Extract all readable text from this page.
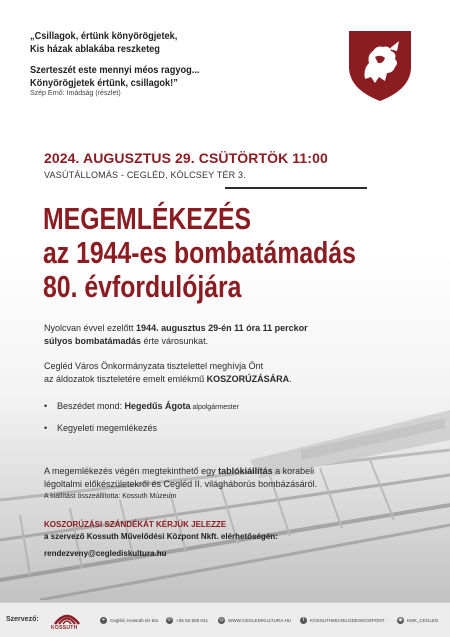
„Csillagok, értünk könyörögjetek,
Kis házak ablakába reszketeg
Szerteszét este mennyi méos ragyog...
Könyörögjetek értünk, csillagok!”
Szép Ernő: Imádság (részlet)
2024. AUGUSZTUS 29. CSÜTÖRTÖK 11:00
VASÚTÁLLOMÁS - CEGLÉD, KÖLCSEY TÉR 3.
MEGEMLÉKEZÉS
az 1944-es bombatámadás
80. évfordulójára
Nyolcvan évvel ezelőtt 1944. augusztus 29-én 11 óra 11 perckor
súlyos bombatámadás érte városunkat.
Cegléd Város Önkormányzata tisztelettel meghívja Önt
az áldozatok tiszteletére emelt emlékmű KOSZORÚZÁSÁRA.
• Beszédet mond: Hegedűs Ágota alpolgármester
• Kegyeleti megemlékezés
A megemlékezés végén megtekinthető egy tablókiállítás a korabeli
légoltalmi előkészületekről és Cegléd II. világháborús bombázásáról.
A kiállítást összeállította: Kossuth Múzeum
KOSZORÚZÁSI SZÁNDÉKÁT KÉRJÜK JELEZZE
a szervező Kossuth Művelődési Központ Nkft. elérhetőségén:
rendezveny@ceglediskultura.hu
Szervező:
KOSSUTH
⌖	Cegléd, Kossuth tér 5/a ✆ +36 53 505 041 ◎ WWW.CEGLEDIKULTURA.HU	f	KOSSUTHMUVELODESIKOZPONT	◉ KMK_CEGLED
